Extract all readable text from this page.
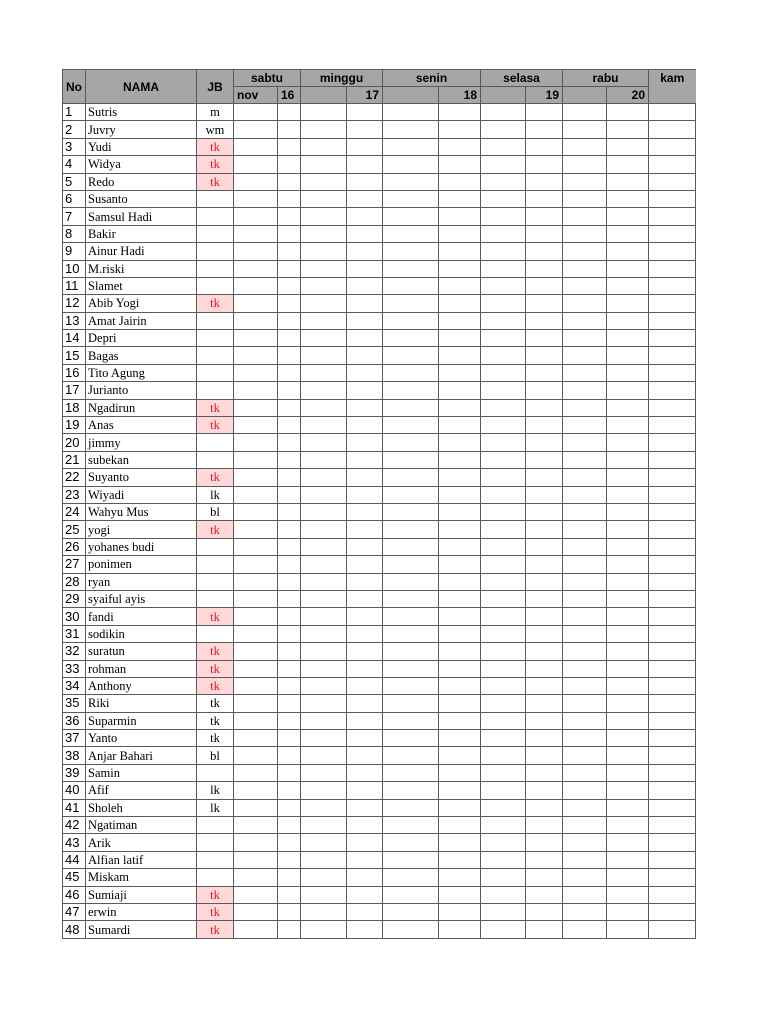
No	NAMA	JB	sabtu		minggu		senin		selasa		rabu		kam
			nov	16		17		18		19		20	
1	Sutris	m											
2	Juvry	wm											
3	Yudi	tk											
4	Widya	tk											
5	Redo	tk											
6	Susanto												
7	Samsul Hadi												
8	Bakir												
9	Ainur Hadi												
10	M.riski												
11	Slamet												
12	Abib Yogi	tk											
13	Amat Jairin												
14	Depri												
15	Bagas												
16	Tito Agung												
17	Jurianto												
18	Ngadirun	tk											
19	Anas	tk											
20	jimmy												
21	subekan												
22	Suyanto	tk											
23	Wiyadi	lk											
24	Wahyu Mus	bl											
25	yogi	tk											
26	yohanes budi												
27	ponimen												
28	ryan												
29	syaiful ayis												
30	fandi	tk											
31	sodikin												
32	suratun	tk											
33	rohman	tk											
34	Anthony	tk											
35	Riki	tk											
36	Suparmin	tk											
37	Yanto	tk											
38	Anjar Bahari	bl											
39	Samin												
40	Afif	lk											
41	Sholeh	lk											
42	Ngatiman												
43	Arik												
44	Alfian latif												
45	Miskam												
46	Sumiaji	tk											
47	erwin	tk											
48	Sumardi	tk											
